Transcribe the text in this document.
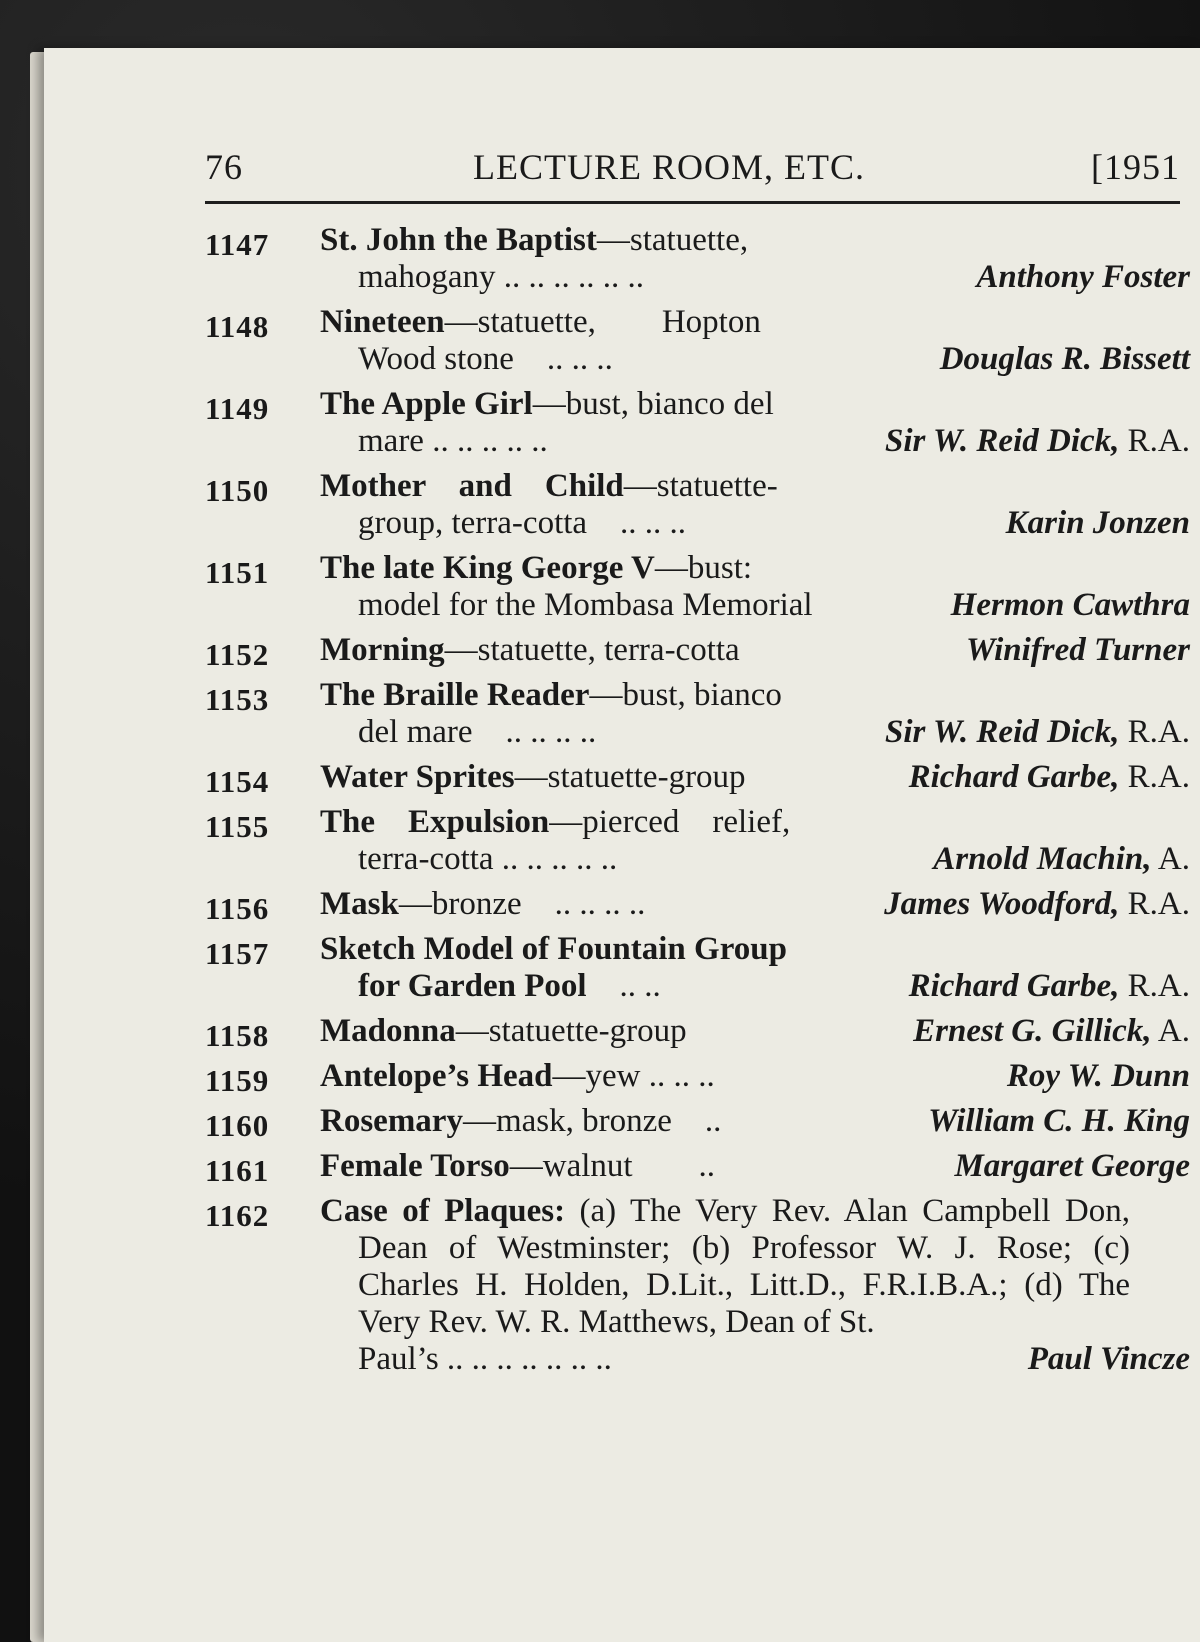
76	LECTURE ROOM, ETC.	[1951
1147	St. John the Baptist—statuette,
mahogany .. .. .. .. .. ..	Anthony Foster
1148	Nineteen—statuette,        Hopton
Wood stone    .. .. ..	Douglas R. Bissett
1149	The Apple Girl—bust, bianco del
mare .. .. .. .. ..	Sir W. Reid Dick, R.A.
1150	Mother    and    Child—statuette-
group, terra-cotta    .. .. ..	Karin Jonzen
1151	The late King George V—bust:
model for the Mombasa Memorial	Hermon Cawthra
1152	Morning—statuette, terra-cotta	Winifred Turner
1153	The Braille Reader—bust, bianco
del mare    .. .. .. ..	Sir W. Reid Dick, R.A.
1154	Water Sprites—statuette-group	Richard Garbe, R.A.
1155	The    Expulsion—pierced    relief,
terra-cotta .. .. .. .. ..	Arnold Machin, A.
1156	Mask—bronze    .. .. .. ..	James Woodford, R.A.
1157	Sketch Model of Fountain Group
for Garden Pool    .. ..	Richard Garbe, R.A.
1158	Madonna—statuette-group	Ernest G. Gillick, A.
1159	Antelope’s Head—yew .. .. ..	Roy W. Dunn
1160	Rosemary—mask, bronze    ..	William C. H. King
1161	Female Torso—walnut        ..	Margaret George
1162	Case of Plaques: (a) The Very Rev. Alan Campbell Don, Dean of Westminster; (b) Professor W. J. Rose; (c) Charles H. Holden, D.Lit., Litt.D., F.R.I.B.A.; (d) The Very Rev. W. R. Matthews, Dean of St.
Paul’s .. .. .. .. .. .. ..	Paul Vincze
